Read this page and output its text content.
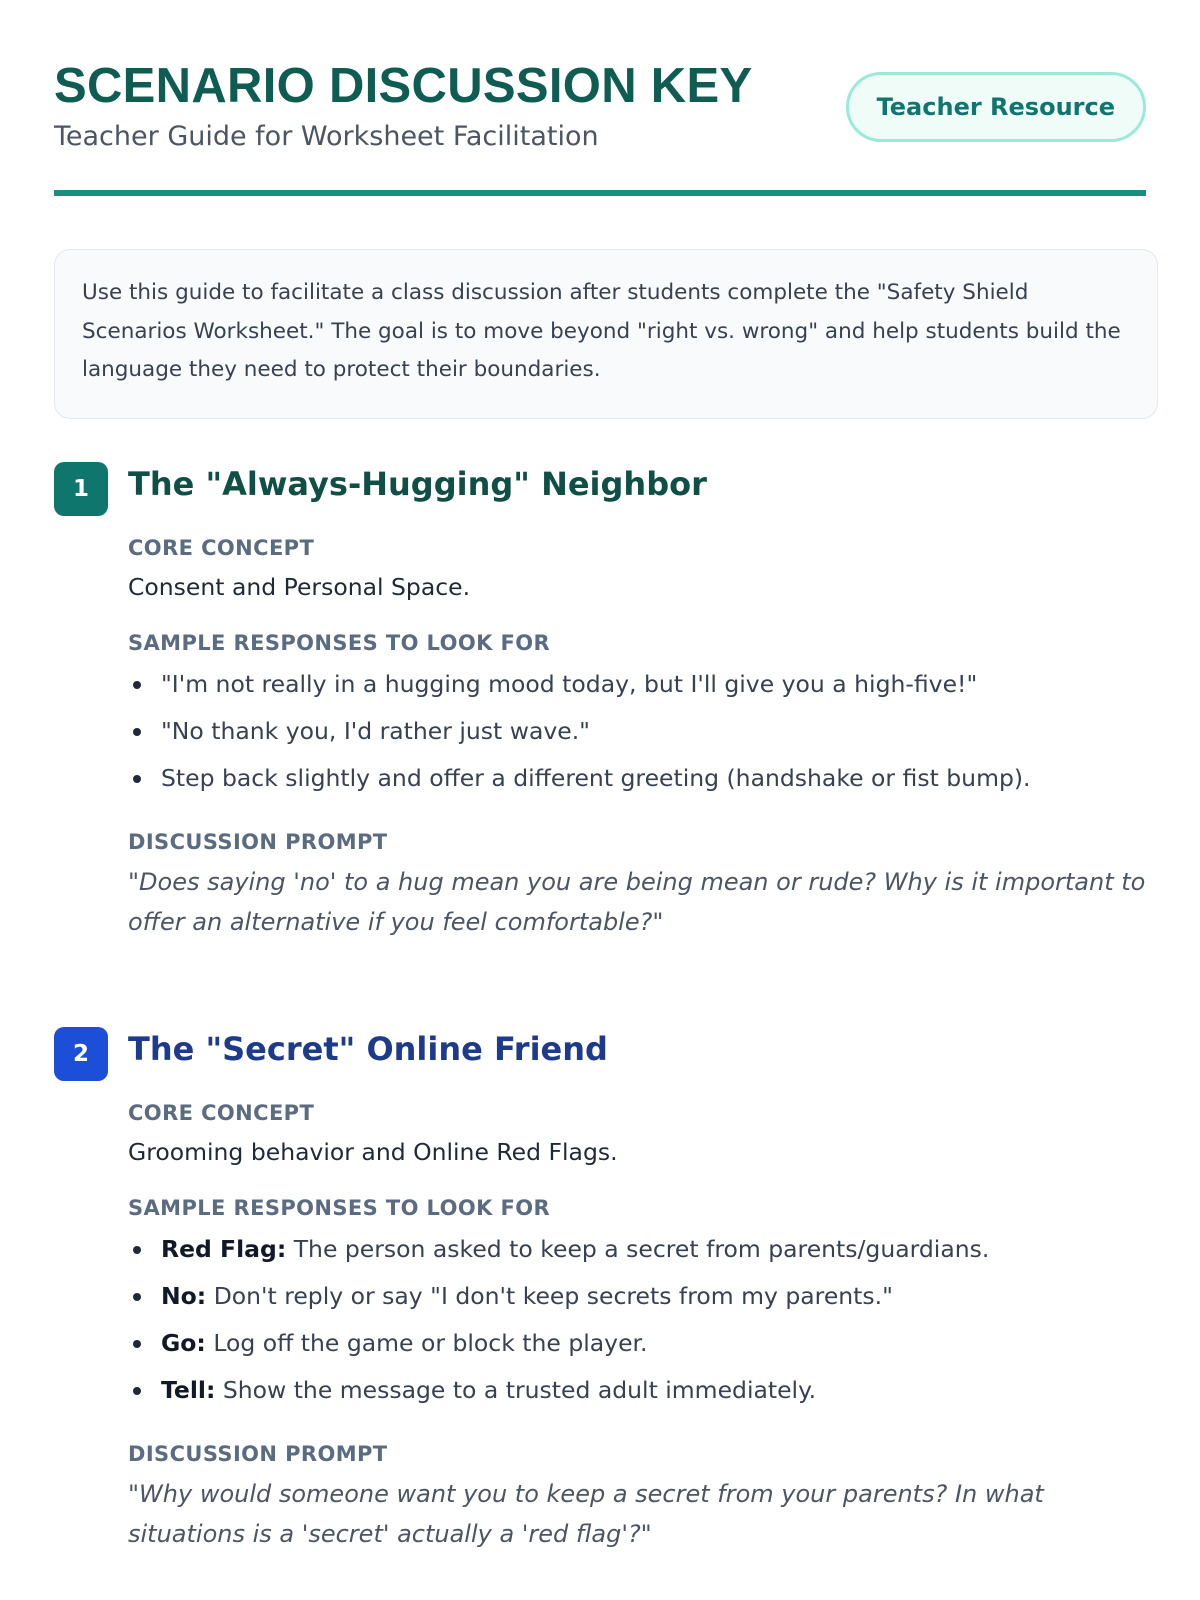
SCENARIO DISCUSSION KEY
Teacher Guide for Worksheet Facilitation
Teacher Resource
Use this guide to facilitate a class discussion after students complete the "Safety Shield Scenarios Worksheet." The goal is to move beyond "right vs. wrong" and help students build the language they need to protect their boundaries.
1	The "Always-Hugging" Neighbor
CORE CONCEPT
Consent and Personal Space.
SAMPLE RESPONSES TO LOOK FOR
"I'm not really in a hugging mood today, but I'll give you a high-five!"
"No thank you, I'd rather just wave."
Step back slightly and offer a different greeting (handshake or fist bump).
DISCUSSION PROMPT
"Does saying 'no' to a hug mean you are being mean or rude? Why is it important to offer an alternative if you feel comfortable?"
2	The "Secret" Online Friend
CORE CONCEPT
Grooming behavior and Online Red Flags.
SAMPLE RESPONSES TO LOOK FOR
Red Flag: The person asked to keep a secret from parents/guardians.
No: Don't reply or say "I don't keep secrets from my parents."
Go: Log off the game or block the player.
Tell: Show the message to a trusted adult immediately.
DISCUSSION PROMPT
"Why would someone want you to keep a secret from your parents? In what situations is a 'secret' actually a 'red flag'?"
